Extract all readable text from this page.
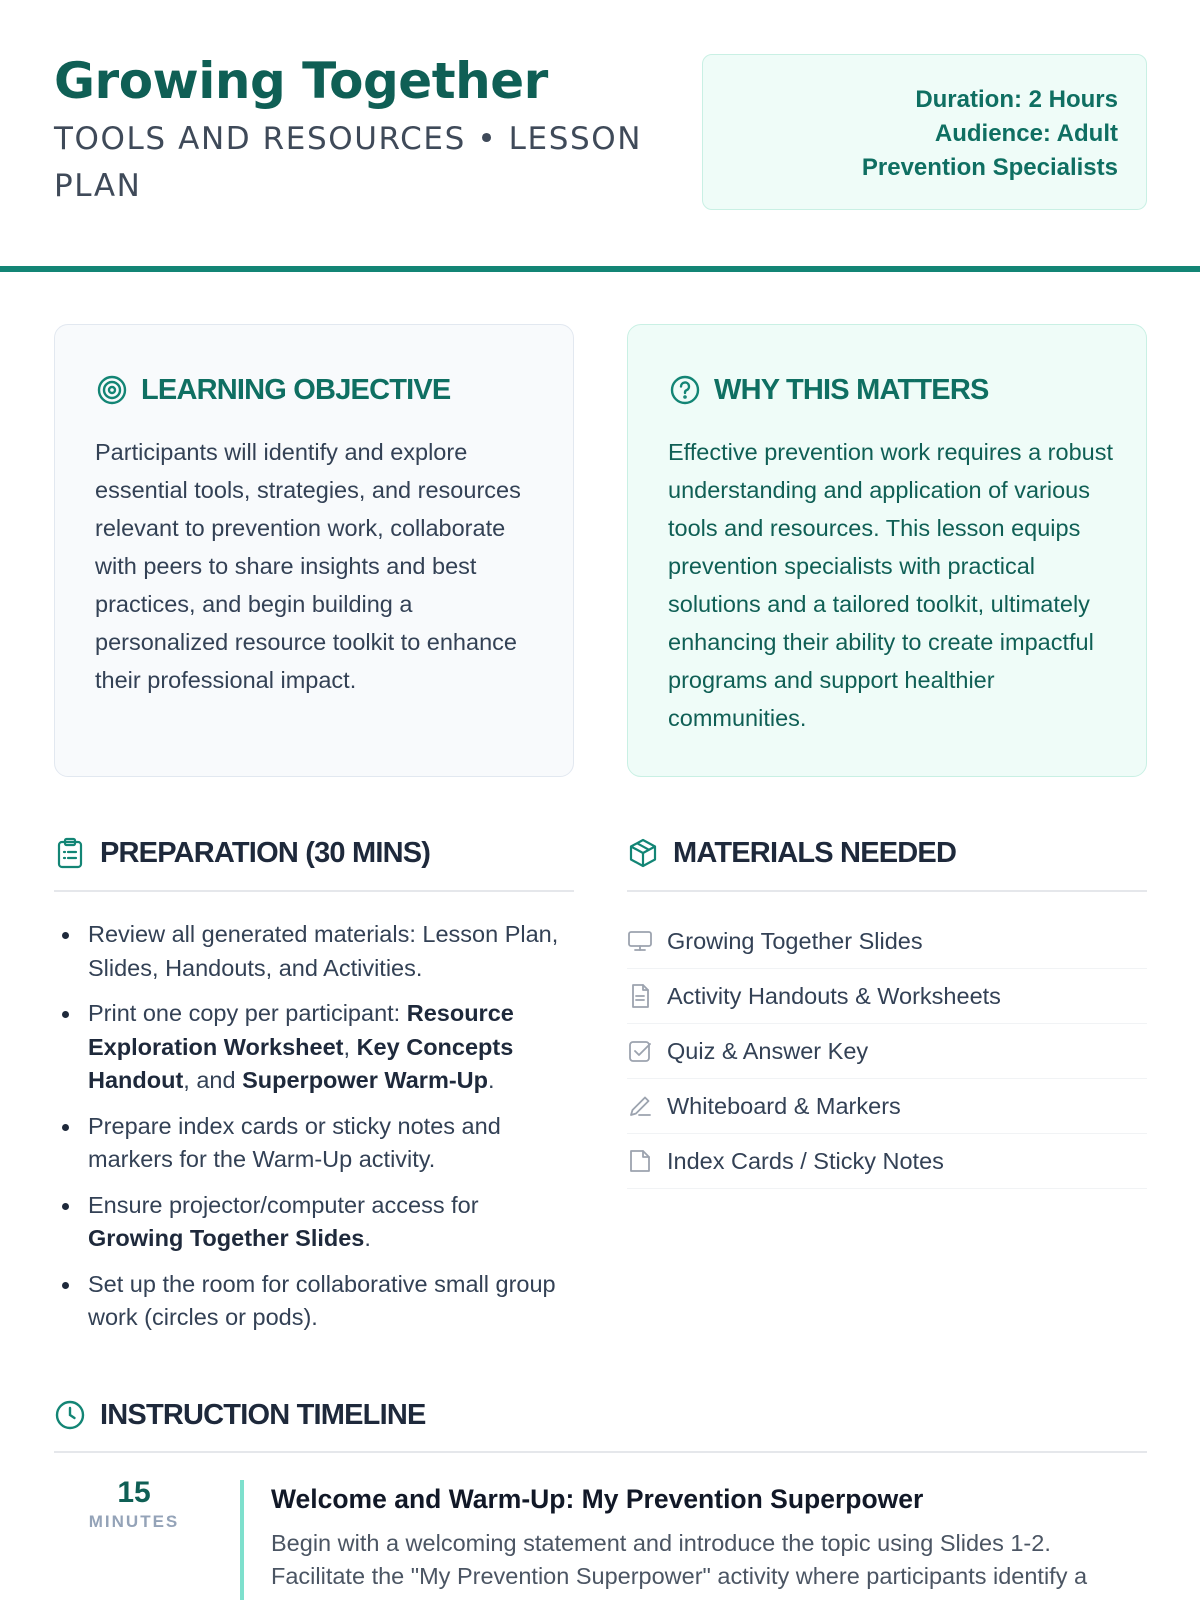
Growing Together
TOOLS AND RESOURCES • LESSON PLAN
Duration: 2 Hours
Audience: Adult Prevention Specialists
LEARNING OBJECTIVE
Participants will identify and explore essential tools, strategies, and resources relevant to prevention work, collaborate with peers to share insights and best practices, and begin building a personalized resource toolkit to enhance their professional impact.
WHY THIS MATTERS
Effective prevention work requires a robust understanding and application of various tools and resources. This lesson equips prevention specialists with practical solutions and a tailored toolkit, ultimately enhancing their ability to create impactful programs and support healthier communities.
PREPARATION (30 MINS)
Review all generated materials: Lesson Plan, Slides, Handouts, and Activities.
Print one copy per participant: Resource Exploration Worksheet, Key Concepts Handout, and Superpower Warm-Up.
Prepare index cards or sticky notes and markers for the Warm-Up activity.
Ensure projector/computer access for Growing Together Slides.
Set up the room for collaborative small group work (circles or pods).
MATERIALS NEEDED
Growing Together Slides
Activity Handouts & Worksheets
Quiz & Answer Key
Whiteboard & Markers
Index Cards / Sticky Notes
INSTRUCTION TIMELINE
15
MINUTES
Welcome and Warm-Up: My Prevention Superpower
Begin with a welcoming statement and introduce the topic using Slides 1-2. Facilitate the "My Prevention Superpower" activity where participants identify a
